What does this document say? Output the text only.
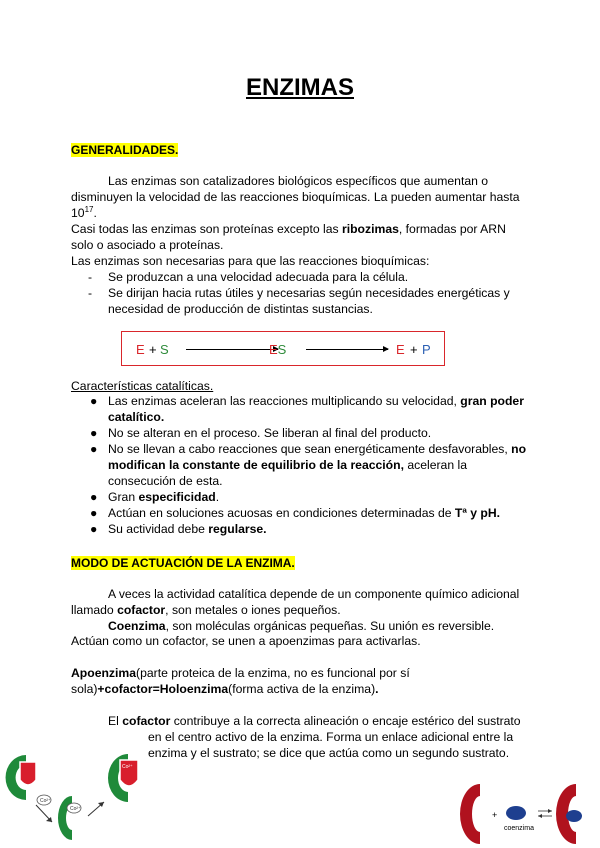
ENZIMAS
GENERALIDADES.
Las enzimas son catalizadores biológicos específicos que aumentan o
disminuyen la velocidad de las reacciones bioquímicas. La pueden aumentar hasta
$10^{17}$.
Casi todas las enzimas son proteínas excepto las ribozimas, formadas por ARN
solo o asociado a proteínas.
Las enzimas son necesarias para que las reacciones bioquímicas:
- Se produzcan a una velocidad adecuada para la célula.
-	Se dirijan hacia rutas útiles y necesarias según necesidades energéticas y
necesidad de producción de distintas sustancias.
E + S	ES	E + P
Características catalíticas.
● Las enzimas aceleran las reacciones multiplicando su velocidad, gran poder catalítico.
● No se alteran en el proceso. Se liberan al final del producto.
● No se llevan a cabo reacciones que sean energéticamente desfavorables, no modifican la constante de equilibrio de la reacción, aceleran la consecución de esta.
● Gran especificidad.
● Actúan en soluciones acuosas en condiciones determinadas de Tª y pH.
● Su actividad debe regularse.
MODO DE ACTUACIÓN DE LA ENZIMA.
A veces la actividad catalítica depende de un componente químico adicional
llamado cofactor, son metales o iones pequeños.
Coenzima, son moléculas orgánicas pequeñas. Su unión es reversible.
Actúan como un cofactor, se unen a apoenzimas para activarlas.
Apoenzima(parte proteica de la enzima, no es funcional por sí
sola)+cofactor=Holoenzima(forma activa de la enzima).
El cofactor contribuye a la correcta alineación o encaje estérico del sustrato
en el centro activo de la enzima. Forma un enlace adicional entre la
enzima y el sustrato; se dice que actúa como un segundo sustrato.
Co²⁺
Co²⁺
Co²⁺
+
coenzima
